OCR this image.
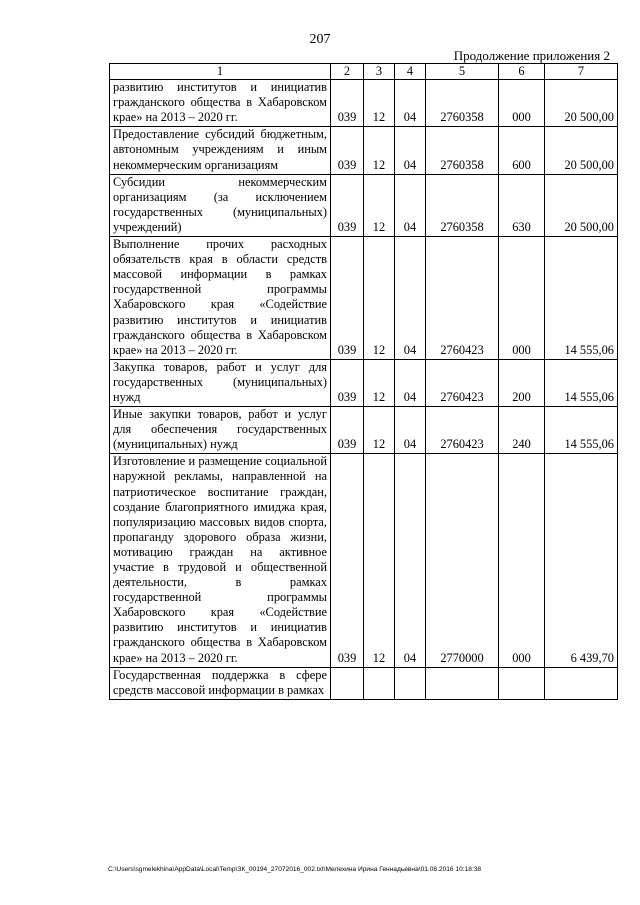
207
Продолжение приложения 2
1	2	3	4	5	6	7
развитию институтов и инициатив гражданского общества в Хабаровском крае» на 2013 – 2020 гг.	039	12	04	2760358	000	20 500,00
Предоставление субсидий бюджетным, автономным учреждениям и иным некоммерческим организациям	039	12	04	2760358	600	20 500,00
Субсидии некоммерческим организациям (за исключением государственных (муниципальных) учреждений)	039	12	04	2760358	630	20 500,00
Выполнение прочих расходных обязательств края в области средств массовой информации в рамках государственной программы Хабаровского края «Содействие развитию институтов и инициатив гражданского общества в Хабаровском крае» на 2013 – 2020 гг.	039	12	04	2760423	000	14 555,06
Закупка товаров, работ и услуг для государственных (муниципальных) нужд	039	12	04	2760423	200	14 555,06
Иные закупки товаров, работ и услуг для обеспечения государственных (муниципальных) нужд	039	12	04	2760423	240	14 555,06
Изготовление и размещение социальной наружной рекламы, направленной на патриотическое воспитание граждан, создание благоприятного имиджа края, популяризацию массовых видов спорта, пропаганду здорового образа жизни, мотивацию граждан на активное участие в трудовой и общественной деятельности, в рамках государственной программы Хабаровского края «Содействие развитию институтов и инициатив гражданского общества в Хабаровском крае» на 2013 – 2020 гг.	039	12	04	2770000	000	6 439,70
Государственная поддержка в сфере средств массовой информации в рамках						
C:\Users\sgmelekhina\AppData\Local\Temp\ЗК_00194_27072016_002.txt\Мелехина Ирина Геннадьевна\01.08.2016 10:18:38
